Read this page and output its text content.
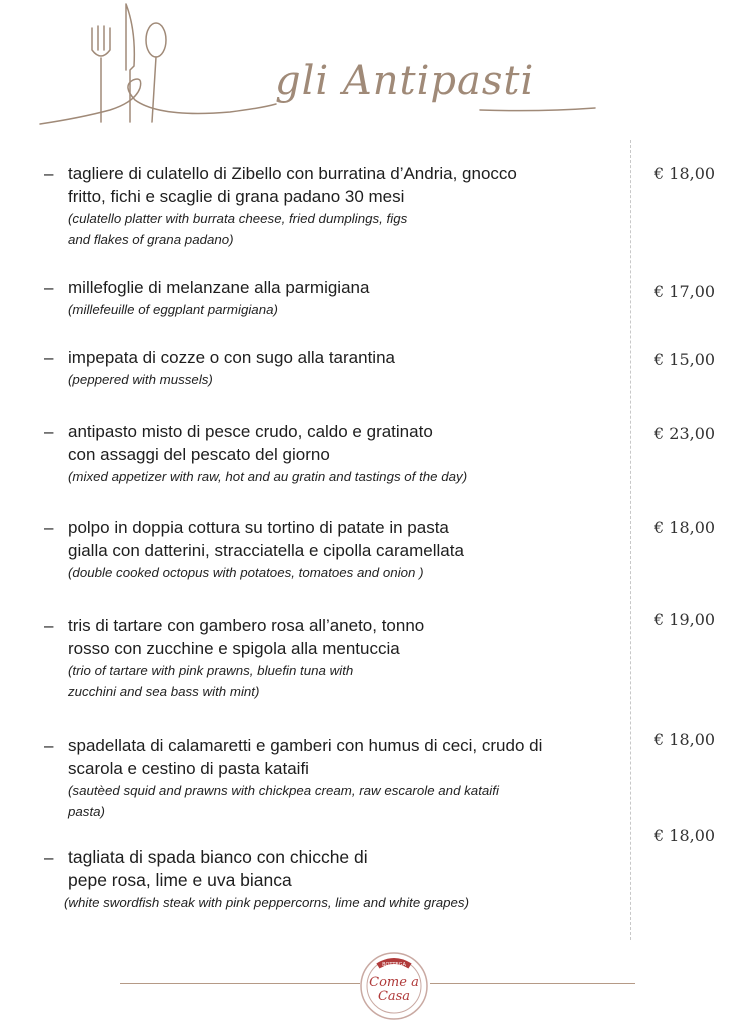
gli Antipasti
– tagliere di culatello di Zibello con burratina d’Andria, gnocco
fritto, fichi e scaglie di grana padano 30 mesi
(culatello platter with burrata cheese, fried dumplings, figs
and flakes of grana padano)
€ 18,00
– millefoglie di melanzane alla parmigiana
(millefeuille of eggplant parmigiana)
€ 17,00
– impepata di cozze o con sugo alla tarantina
(peppered with mussels)
€ 15,00
– antipasto misto di pesce crudo, caldo e gratinato
con assaggi del pescato del giorno
(mixed appetizer with raw, hot and au gratin and tastings of the day)
€ 23,00
– polpo in doppia cottura su tortino di patate in pasta
gialla con datterini, stracciatella e cipolla caramellata
(double cooked octopus with potatoes, tomatoes and onion )
€ 18,00
– tris di tartare con gambero rosa all’aneto, tonno
rosso con zucchine e spigola alla mentuccia
(trio of tartare with pink prawns, bluefin tuna with
zucchini and sea bass with mint)
€ 19,00
– spadellata di calamaretti e gamberi con humus di ceci, crudo di
scarola e cestino di pasta kataifi
(sautèed squid and prawns with chickpea cream, raw escarole and kataifi
pasta)
€ 18,00
– tagliata di spada bianco con chicche di
pepe rosa, lime e uva bianca
(white swordfish steak with pink peppercorns, lime and white grapes)
€ 18,00
BOTTEGA
Come a
Casa
